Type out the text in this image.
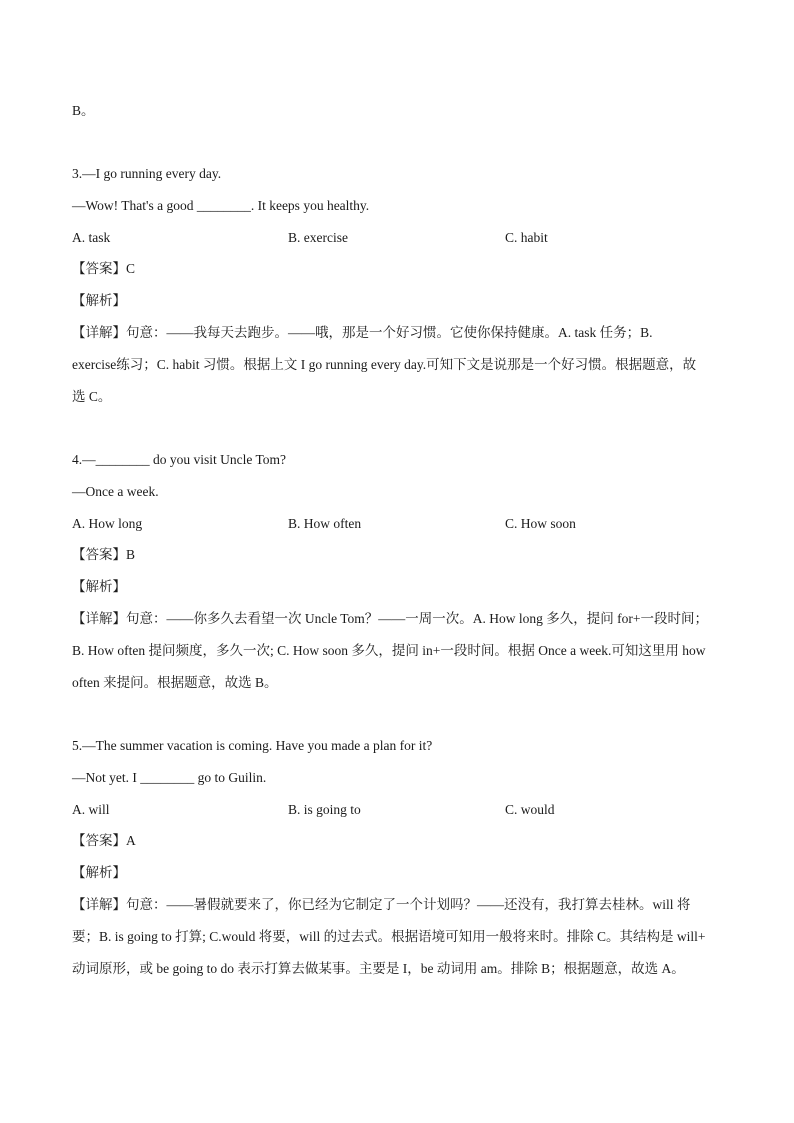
B。
3.—I go running every day.
—Wow! That's a good ________. It keeps you healthy.
A. task	B. exercise	C. habit
【答案】C
【解析】
【详解】句意：——我每天去跑步。——哦，那是一个好习惯。它使你保持健康。A. task 任务；B.
exercise练习；C. habit 习惯。根据上文 I go running every day.可知下文是说那是一个好习惯。根据题意，故
选 C。
4.—________ do you visit Uncle Tom?
—Once a week.
A. How long	B. How often	C. How soon
【答案】B
【解析】
【详解】句意：——你多久去看望一次 Uncle Tom？——一周一次。A. How long 多久，提问 for+一段时间；
B. How often 提问频度，多久一次; C. How soon 多久，提问 in+一段时间。根据 Once a week.可知这里用 how
often 来提问。根据题意，故选 B。
5.—The summer vacation is coming. Have you made a plan for it?
—Not yet. I ________ go to Guilin.
A. will	B. is going to	C. would
【答案】A
【解析】
【详解】句意：——暑假就要来了，你已经为它制定了一个计划吗？——还没有，我打算去桂林。will 将
要；B. is going to 打算; C.would 将要，will 的过去式。根据语境可知用一般将来时。排除 C。其结构是 will+
动词原形，或 be going to do 表示打算去做某事。主要是 I，be 动词用 am。排除 B；根据题意，故选 A。
